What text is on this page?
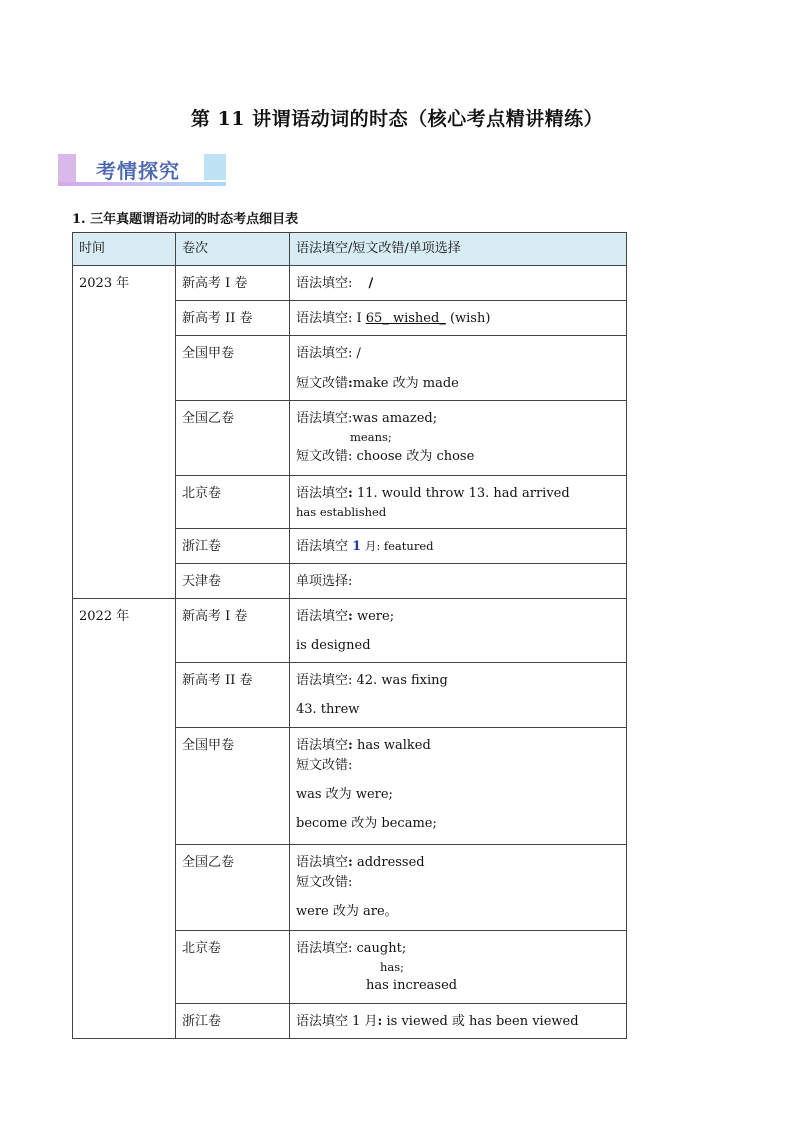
第 11 讲谓语动词的时态（核心考点精讲精练）
考情探究
1. 三年真题谓语动词的时态考点细目表
时间	卷次	语法填空/短文改错/单项选择
2023 年	新高考 I 卷	语法填空: /
	新高考 II 卷	语法填空: I 65_ wished_ (wish)
	全国甲卷	语法填空: /
短文改错:make 改为 made

	全国乙卷	语法填空:was amazed;
means;
短文改错: choose 改为 chose

	北京卷	语法填空: 11. would throw 13. had arrived
has established

	浙江卷	语法填空 1 月: featured
	天津卷	单项选择:
2022 年	新高考 I 卷	语法填空: were;
is designed

	新高考 II 卷	语法填空: 42. was fixing
43. threw

	全国甲卷	语法填空: has walked
短文改错:
was 改为 were;
become 改为 became;

	全国乙卷	语法填空: addressed
短文改错:
were 改为 are。

	北京卷	语法填空: caught;
has;
has increased

	浙江卷	语法填空 1 月: is viewed 或 has been viewed
